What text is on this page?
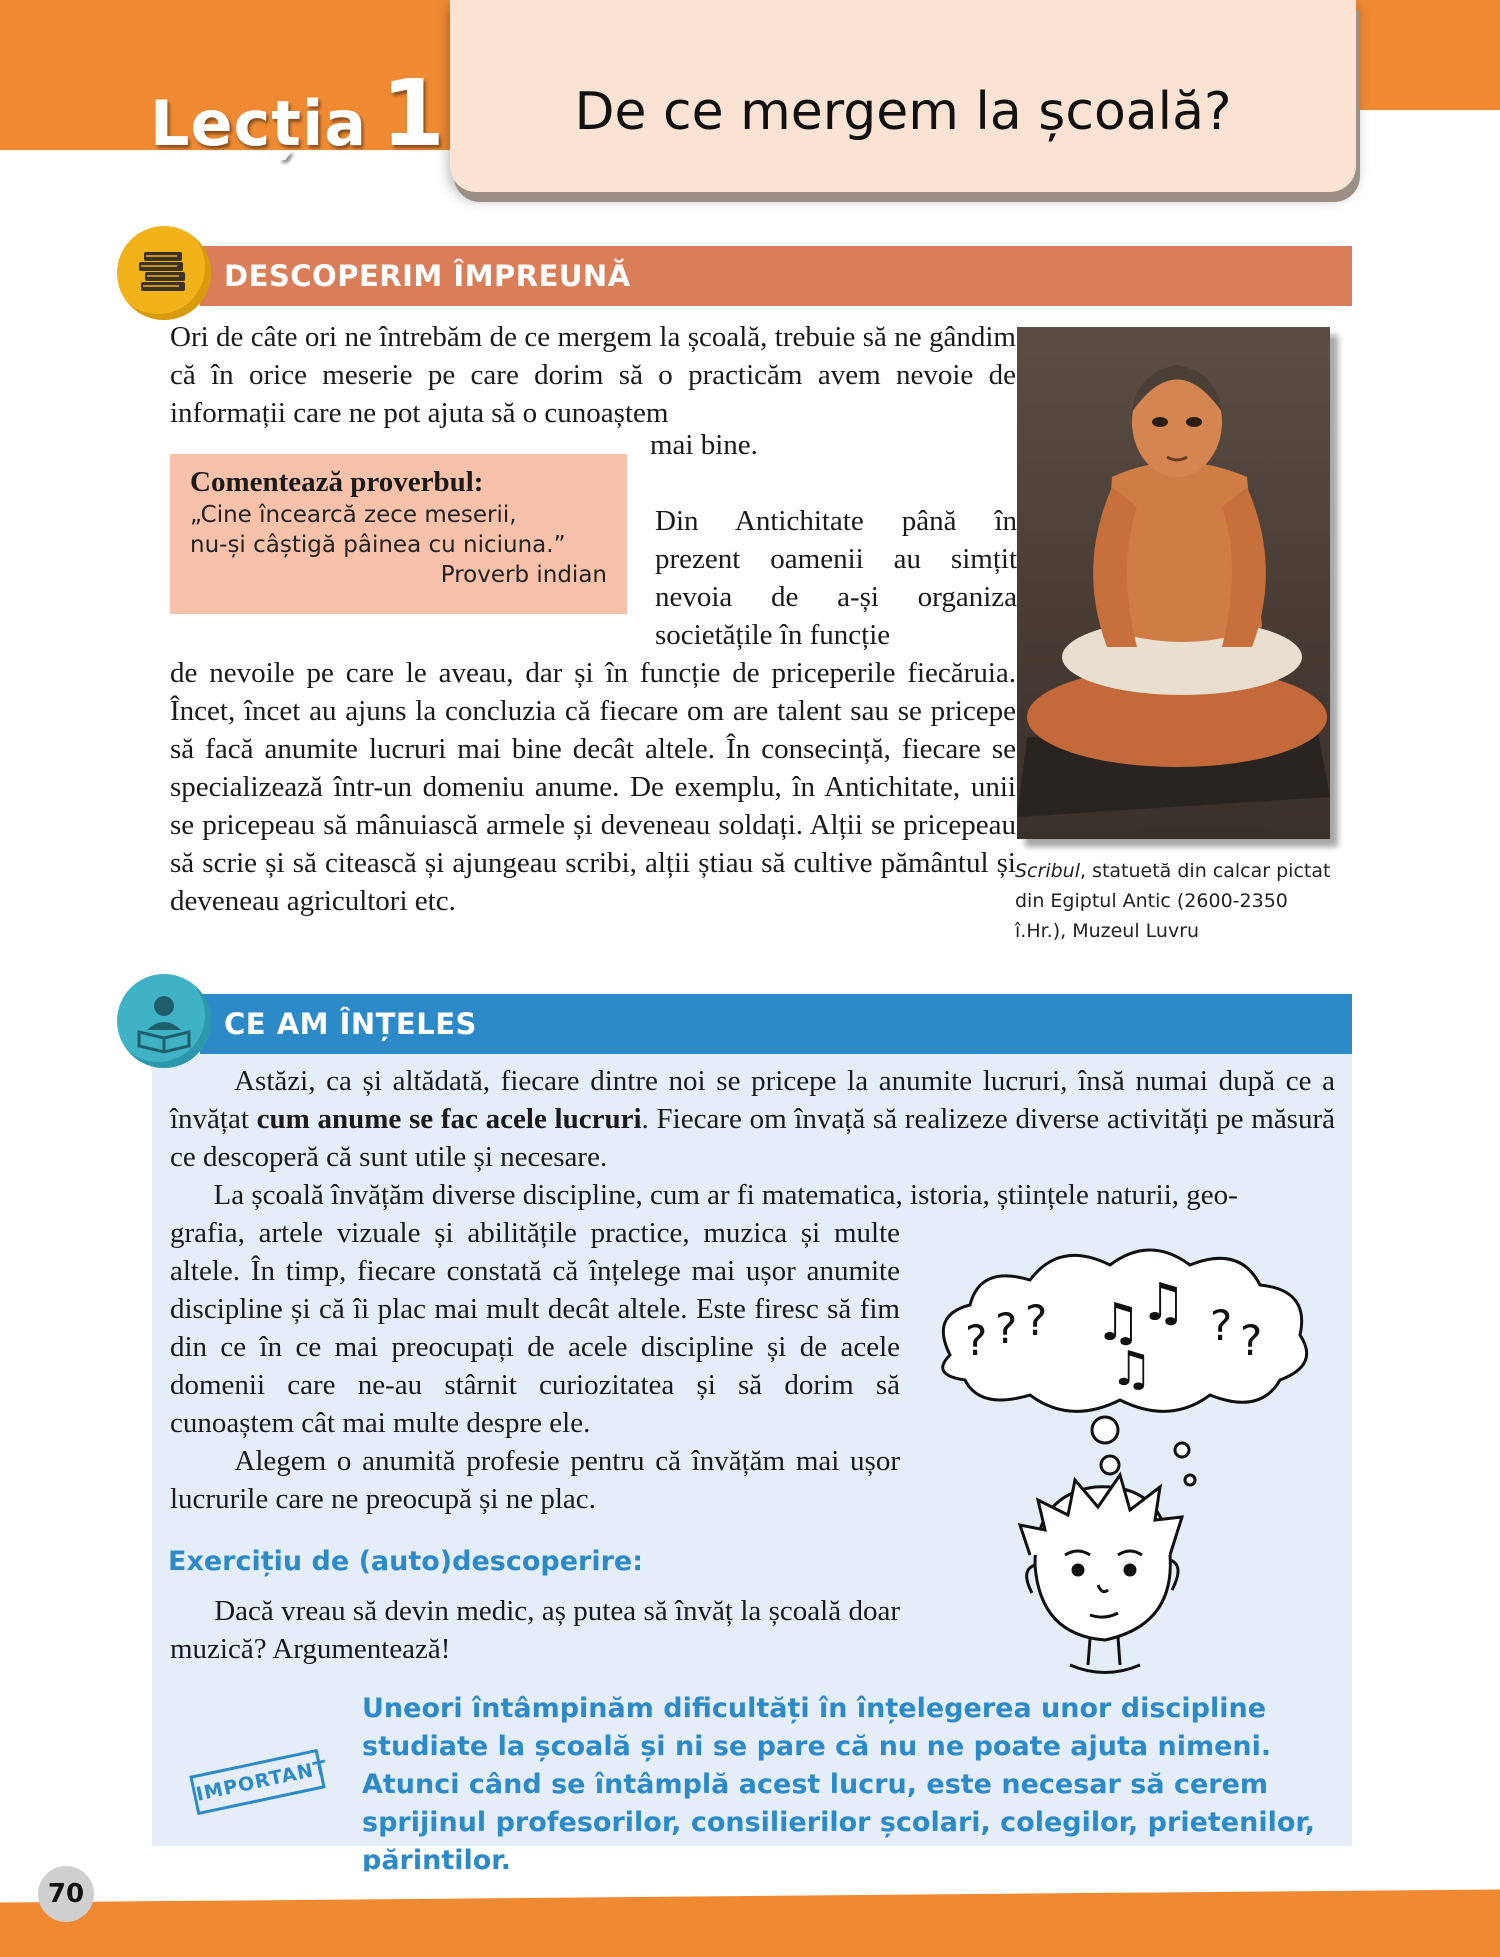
Lecția 1	De ce mergem la școală?
DESCOPERIM ÎMPREUNĂ

Ori de câte ori ne întrebăm de ce mergem la școală, trebuie să ne gândim că în orice meserie pe care dorim să o practicăm avem nevoie de informații care ne pot ajuta să o cunoaștem

mai bine.

Comentează proverbul:
„Cine încearcă zece meserii,
nu-și câștigă pâinea cu niciuna.”
Proverb indian

Din Antichitate până în prezent oamenii au simțit nevoia de a-și organiza societățile în funcție

de nevoile pe care le aveau, dar și în funcție de priceperile fiecăruia. Încet, încet au ajuns la concluzia că fiecare om are talent sau se pricepe să facă anumite lucruri mai bine decât altele. În consecință, fiecare se specializează într-un domeniu anume. De exemplu, în Antichitate, unii se pricepeau să mânuiască armele și deveneau soldați. Alții se pricepeau să scrie și să citească și ajungeau scribi, alții știau să cultive pământul și deveneau agricultori etc.

Scribul, statuetă din calcar pictat din Egiptul Antic (2600-2350 î.Hr.), Muzeul Luvru
CE AM ÎNȚELES

Astăzi, ca și altădată, fiecare dintre noi se pricepe la anumite lucruri, însă numai după ce a învățat cum anume se fac acele lucruri. Fiecare om învață să realizeze diverse activități pe măsură ce descoperă că sunt utile și necesare.

La școală învățăm diverse discipline, cum ar fi matematica, istoria, științele naturii, geo-

grafia, artele vizuale și abilitățile practice, muzica și multe altele. În timp, fiecare constată că înțelege mai ușor anumite discipline și că îi plac mai mult decât altele. Este firesc să fim din ce în ce mai preocupați de acele discipline și de acele domenii care ne-au stârnit curiozitatea și să dorim să cunoaștem cât mai multe despre ele.

Alegem o anumită profesie pentru că învățăm mai ușor lucrurile care ne preocupă și ne plac.

Exercițiu de (auto)descoperire:

Dacă vreau să devin medic, aș putea să învăț la școală doar muzică? Argumentează!

? ? ?	? ?
♫
♫
♫
IMPORTANT
Uneori întâmpinăm dificultăți în înțelegerea unor discipline studiate la școală și ni se pare că nu ne poate ajuta nimeni. Atunci când se întâmplă acest lucru, este necesar să cerem sprijinul profesorilor, consilierilor școlari, colegilor, prietenilor, părinților.
70
